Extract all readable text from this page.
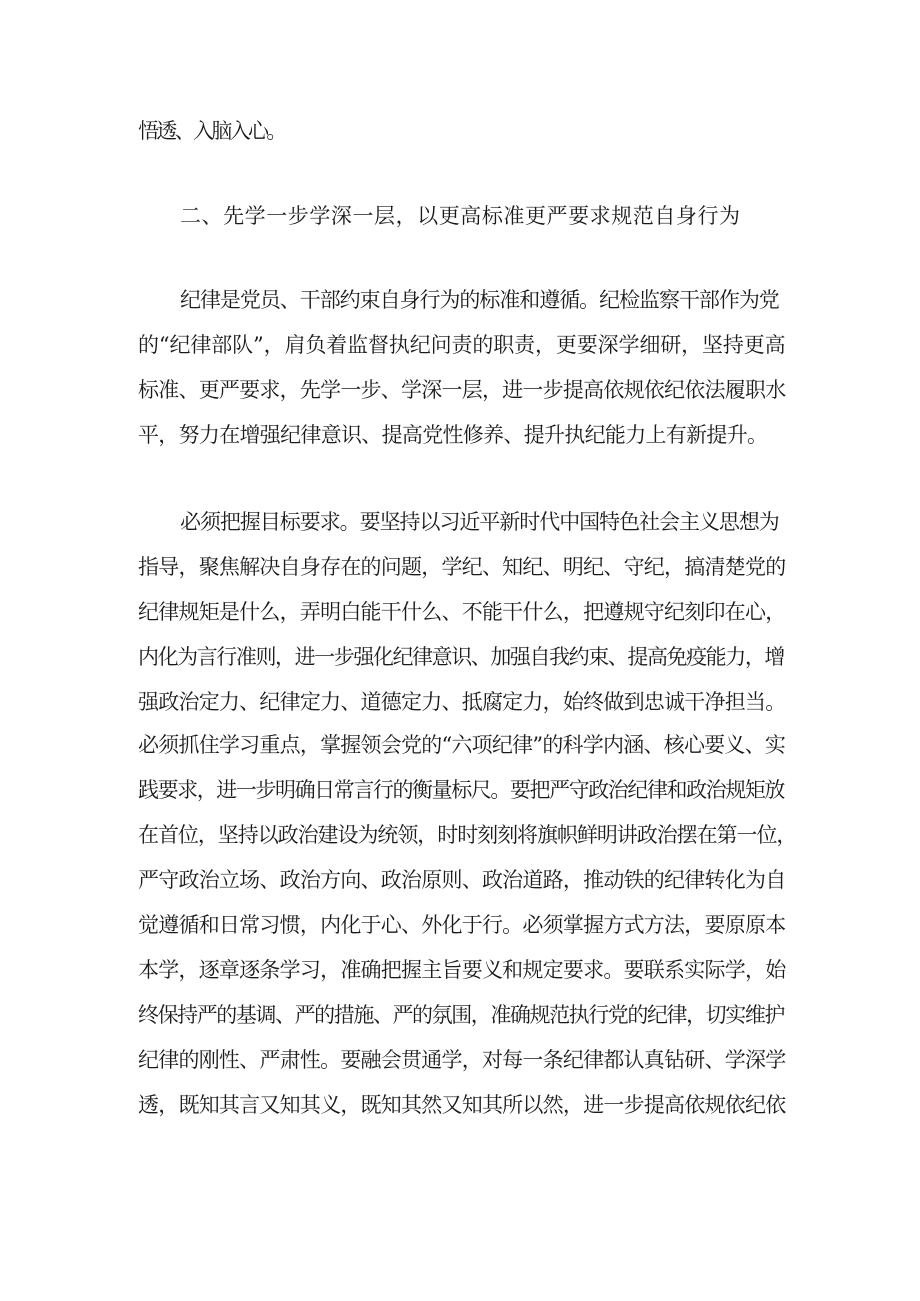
悟透、入脑入心。
二、先学一步学深一层，以更高标准更严要求规范自身行为
纪律是党员、干部约束自身行为的标准和遵循。纪检监察干部作为党
的“纪律部队”，肩负着监督执纪问责的职责，更要深学细研，坚持更高
标准、更严要求，先学一步、学深一层，进一步提高依规依纪依法履职水
平，努力在增强纪律意识、提高党性修养、提升执纪能力上有新提升。
必须把握目标要求。要坚持以习近平新时代中国特色社会主义思想为
指导，聚焦解决自身存在的问题，学纪、知纪、明纪、守纪，搞清楚党的
纪律规矩是什么，弄明白能干什么、不能干什么，把遵规守纪刻印在心，
内化为言行准则，进一步强化纪律意识、加强自我约束、提高免疫能力，增
强政治定力、纪律定力、道德定力、抵腐定力，始终做到忠诚干净担当。
必须抓住学习重点，掌握领会党的“六项纪律”的科学内涵、核心要义、实
践要求，进一步明确日常言行的衡量标尺。要把严守政治纪律和政治规矩放
在首位，坚持以政治建设为统领，时时刻刻将旗帜鲜明讲政治摆在第一位，
严守政治立场、政治方向、政治原则、政治道路，推动铁的纪律转化为自
觉遵循和日常习惯，内化于心、外化于行。必须掌握方式方法，要原原本
本学，逐章逐条学习，准确把握主旨要义和规定要求。要联系实际学，始
终保持严的基调、严的措施、严的氛围，准确规范执行党的纪律，切实维护
纪律的刚性、严肃性。要融会贯通学，对每一条纪律都认真钻研、学深学
透，既知其言又知其义，既知其然又知其所以然，进一步提高依规依纪依
